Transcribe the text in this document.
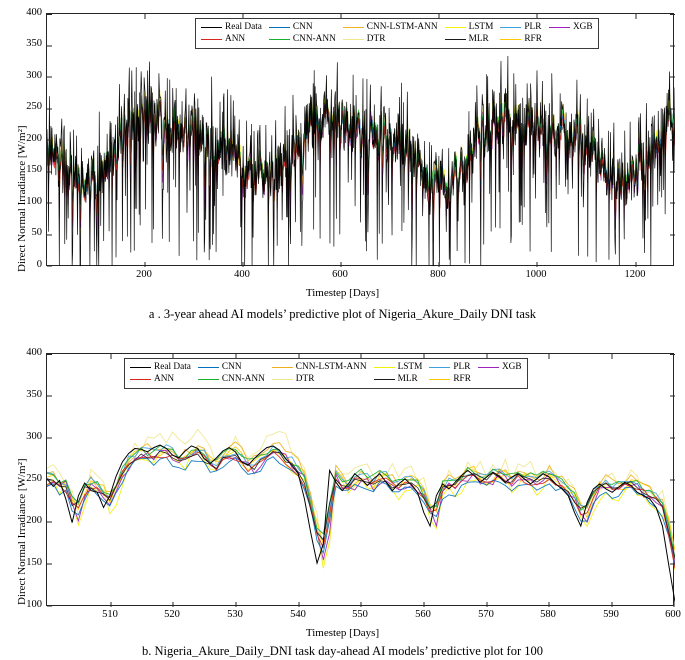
Direct Normal Irradiance [W/m²]
400
350
300
250
200
150
100
50
0
Real Data	CNN	CNN-LSTM-ANN	LSTM	PLR	XGB
ANN	CNN-ANN	DTR	MLR	RFR
200	400	600	800	1000	1200
Timestep [Days]
a . 3-year ahead AI models’ predictive plot of Nigeria_Akure_Daily DNI task
Direct Normal Irradiance [W/m²]
400
350
300
250
200
150
100
Real Data	CNN	CNN-LSTM-ANN	LSTM	PLR	XGB
ANN	CNN-ANN	DTR	MLR	RFR
510	520	530	540	550	560	570	580	590	600
Timestep [Days]
b. Nigeria_Akure_Daily_DNI task day-ahead AI models’ predictive plot for 100
